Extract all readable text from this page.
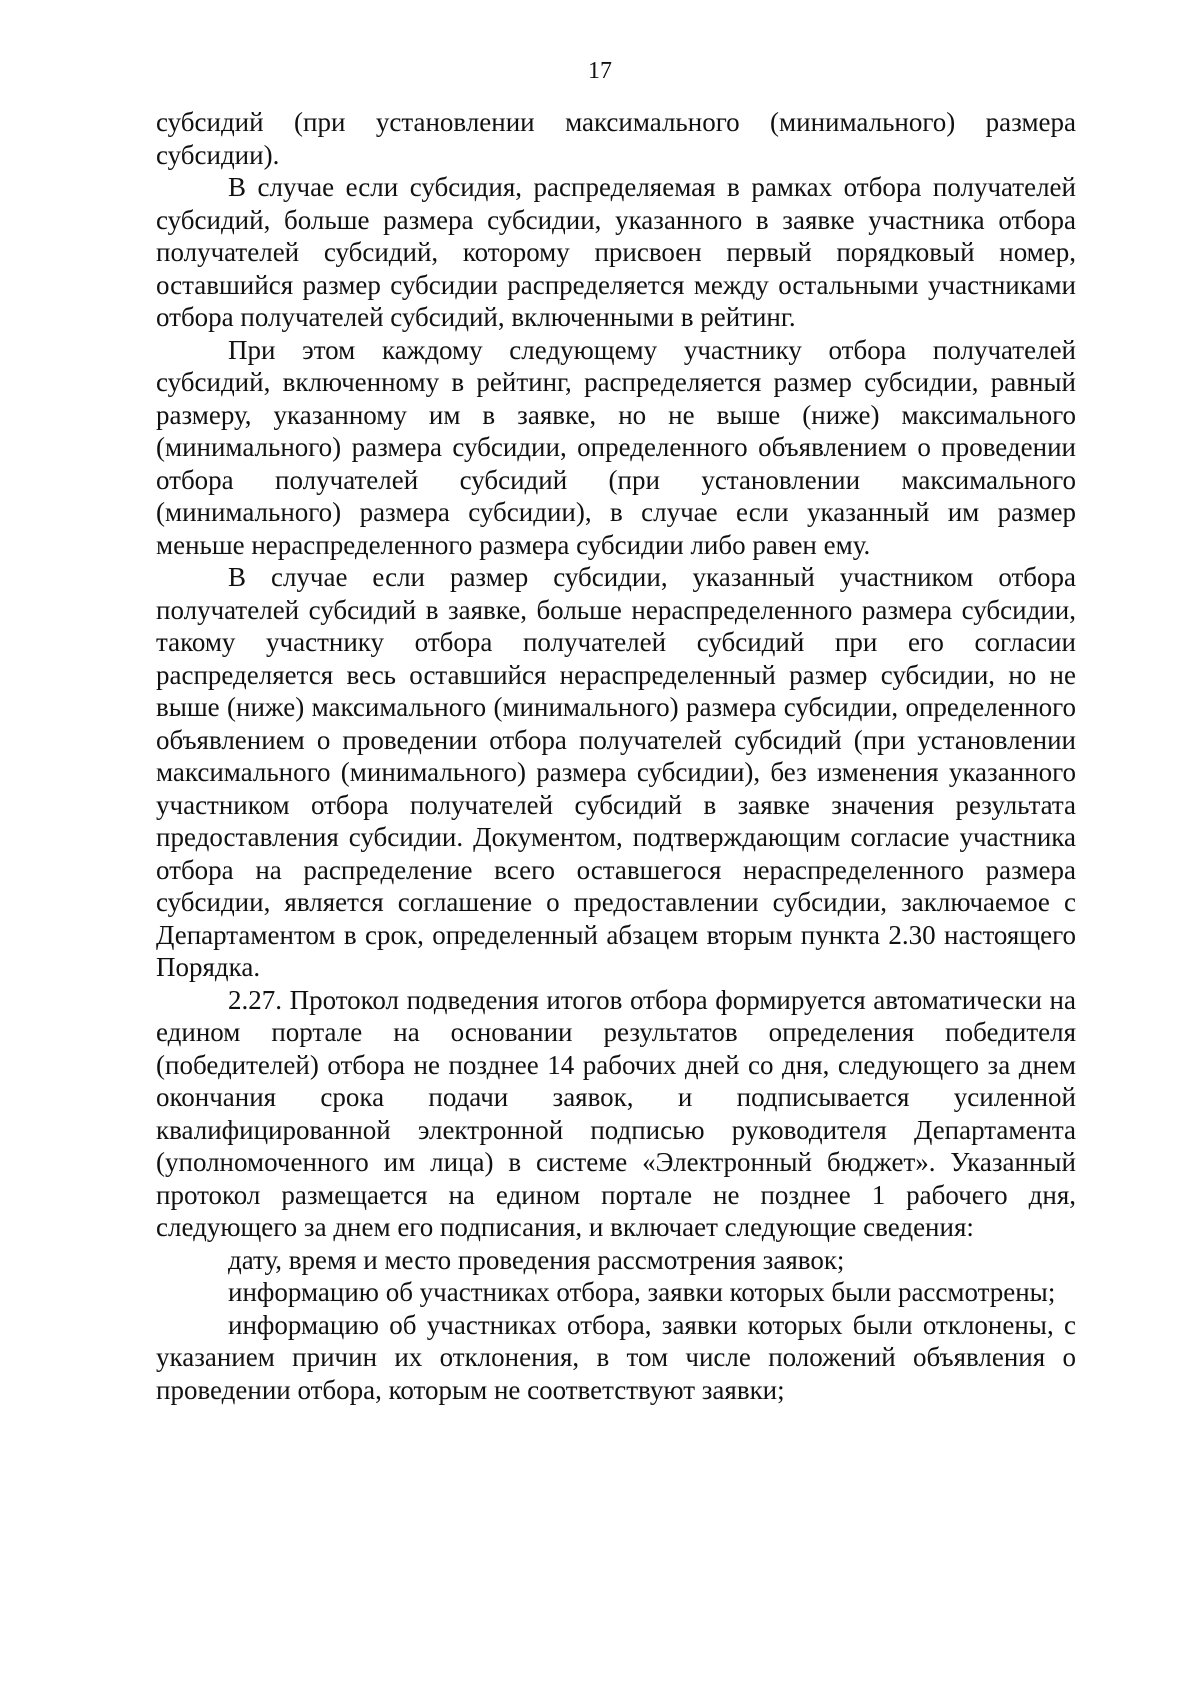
17

субсидий (при установлении максимального (минимального) размера субсидии).

В случае если субсидия, распределяемая в рамках отбора получателей субсидий, больше размера субсидии, указанного в заявке участника отбора получателей субсидий, которому присвоен первый порядковый номер, оставшийся размер субсидии распределяется между остальными участниками отбора получателей субсидий, включенными в рейтинг.

При этом каждому следующему участнику отбора получателей субсидий, включенному в рейтинг, распределяется размер субсидии, равный размеру, указанному им в заявке, но не выше (ниже) максимального (минимального) размера субсидии, определенного объявлением о проведении отбора получателей субсидий (при установлении максимального (минимального) размера субсидии), в случае если указанный им размер меньше нераспределенного размера субсидии либо равен ему.

В случае если размер субсидии, указанный участником отбора получателей субсидий в заявке, больше нераспределенного размера субсидии, такому участнику отбора получателей субсидий при его согласии распределяется весь оставшийся нераспределенный размер субсидии, но не выше (ниже) максимального (минимального) размера субсидии, определенного объявлением о проведении отбора получателей субсидий (при установлении максимального (минимального) размера субсидии), без изменения указанного участником отбора получателей субсидий в заявке значения результата предоставления субсидии. Документом, подтверждающим согласие участника отбора на распределение всего оставшегося нераспределенного размера субсидии, является соглашение о предоставлении субсидии, заключаемое с Департаментом в срок, определенный абзацем вторым пункта 2.30 настоящего Порядка.

2.27. Протокол подведения итогов отбора формируется автоматически на едином портале на основании результатов определения победителя (победителей) отбора не позднее 14 рабочих дней со дня, следующего за днем окончания срока подачи заявок, и подписывается усиленной квалифицированной электронной подписью руководителя Департамента (уполномоченного им лица) в системе «Электронный бюджет». Указанный протокол размещается на едином портале не позднее 1 рабочего дня, следующего за днем его подписания, и включает следующие сведения:

дату, время и место проведения рассмотрения заявок;

информацию об участниках отбора, заявки которых были рассмотрены;

информацию об участниках отбора, заявки которых были отклонены, с указанием причин их отклонения, в том числе положений объявления о проведении отбора, которым не соответствуют заявки;
